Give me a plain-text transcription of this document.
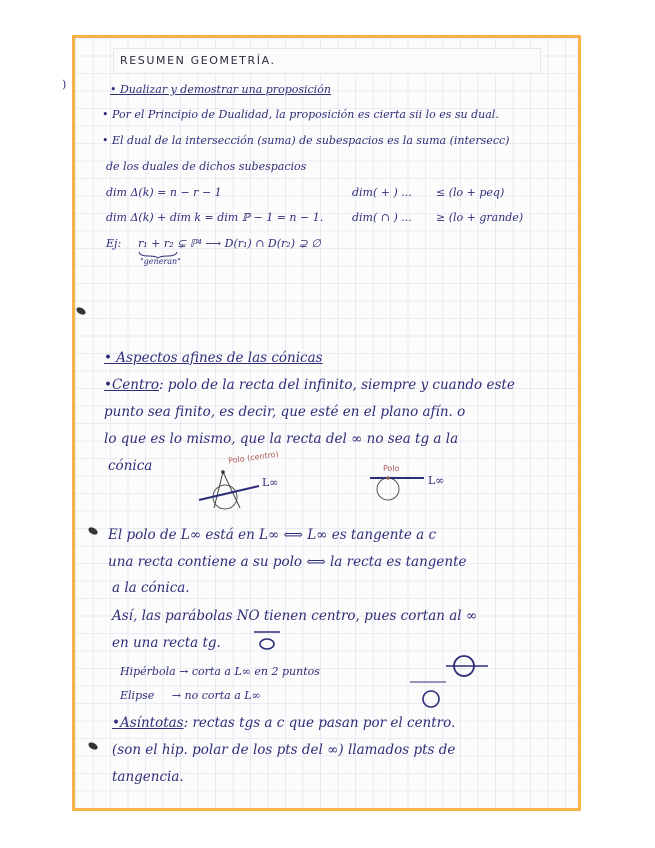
RESUMEN GEOMETRÍA.
)	• Dualizar y demostrar una proposición
• Por el Principio de Dualidad, la proposición es cierta sii lo es su dual.
• El dual de la intersección (suma) de subespacios es la suma (intersecc)
de los duales de dichos subespacios
dim Δ(k) = n − r − 1	dim( + ) ... ≤ (lo + peq)
dim Δ(k) + dim k = dim ℙ − 1 = n − 1.	dim( ∩ ) ... ≥ (lo + grande)
Ej: r₁ + r₂ ⊊ ℙ⁴ ⟶ D(r₁) ∩ D(r₂) ⊋ ∅
"generan"
• Aspectos afines de las cónicas
•Centro: polo de la recta del infinito, siempre y cuando este
punto sea finito, es decir, que esté en el plano afín. o
lo que es lo mismo, que la recta del ∞ no sea tg a la
cónica
Polo (centro)
L∞
Polo
L∞
El polo de L∞ está en L∞ ⟺ L∞ es tangente a c
una recta contiene a su polo ⟺ la recta es tangente
a la cónica.
Así, las parábolas NO tienen centro, pues cortan al ∞
en una recta tg.
Hipérbola → corta a L∞ en 2 puntos
Elipse → no corta a L∞
•Asíntotas: rectas tgs a c que pasan por el centro.
(son el hip. polar de los pts del ∞) llamados pts de
tangencia.
